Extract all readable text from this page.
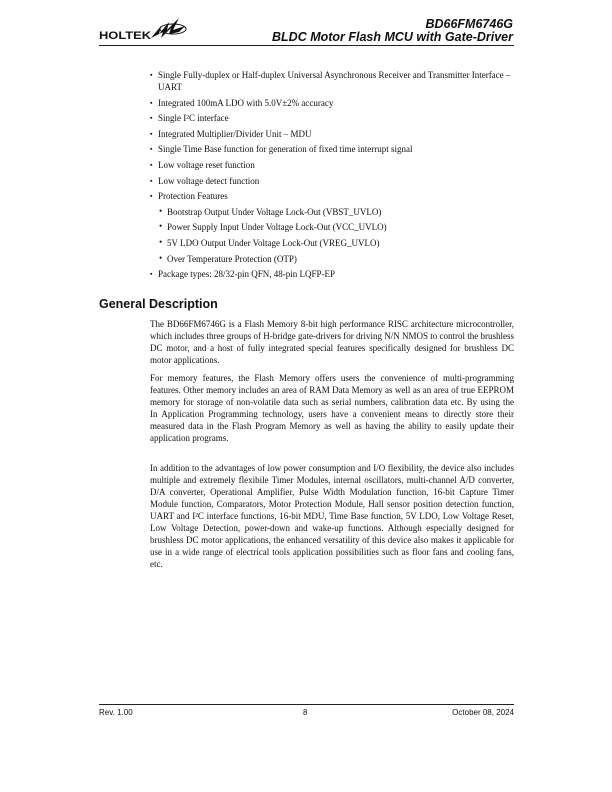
HOLTEK
BD66FM6746G
BLDC Motor Flash MCU with Gate-Driver
▪ Single Fully-duplex or Half-duplex Universal Asynchronous Receiver and Transmitter Interface –
UART
▪ Integrated 100mA LDO with 5.0V±2% accuracy
▪ Single I²C interface
▪ Integrated Multiplier/Divider Unit – MDU
▪ Single Time Base function for generation of fixed time interrupt signal
▪ Low voltage reset function
▪ Low voltage detect function
▪ Protection Features
• Bootstrap Output Under Voltage Lock-Out (VBST_UVLO)
• Power Supply Input Under Voltage Lock-Out (VCC_UVLO)
• 5V LDO Output Under Voltage Lock-Out (VREG_UVLO)
• Over Temperature Protection (OTP)
▪ Package types: 28/32-pin QFN, 48-pin LQFP-EP
General Description
The BD66FM6746G is a Flash Memory 8-bit high performance RISC architecture microcontroller,
which includes three groups of H-bridge gate-drivers for driving N/N NMOS to control the brushless
DC motor, and a host of fully integrated special features specifically designed for brushless DC
motor applications.
For memory features, the Flash Memory offers users the convenience of multi-programming
features. Other memory includes an area of RAM Data Memory as well as an area of true EEPROM
memory for storage of non-volatile data such as serial numbers, calibration data etc. By using the
In Application Programming technology, users have a convenient means to directly store their
measured data in the Flash Program Memory as well as having the ability to easily update their
application programs.
In addition to the advantages of low power consumption and I/O flexibility, the device also includes
multiple and extremely flexibile Timer Modules, internal oscillators, multi-channel A/D converter,
D/A converter, Operational Amplifier, Pulse Width Modulation function, 16-bit Capture Timer
Module function, Comparators, Motor Protection Module, Hall sensor position detection function,
UART and I²C interface functions, 16-bit MDU, Time Base function, 5V LDO, Low Voltage Reset,
Low Voltage Detection, power-down and wake-up functions. Although especially designed for
brushless DC motor applications, the enhanced versatility of this device also makes it applicable for
use in a wide range of electrical tools application possibilities such as floor fans and cooling fans,
etc.
Rev. 1.00	8	October 08, 2024
